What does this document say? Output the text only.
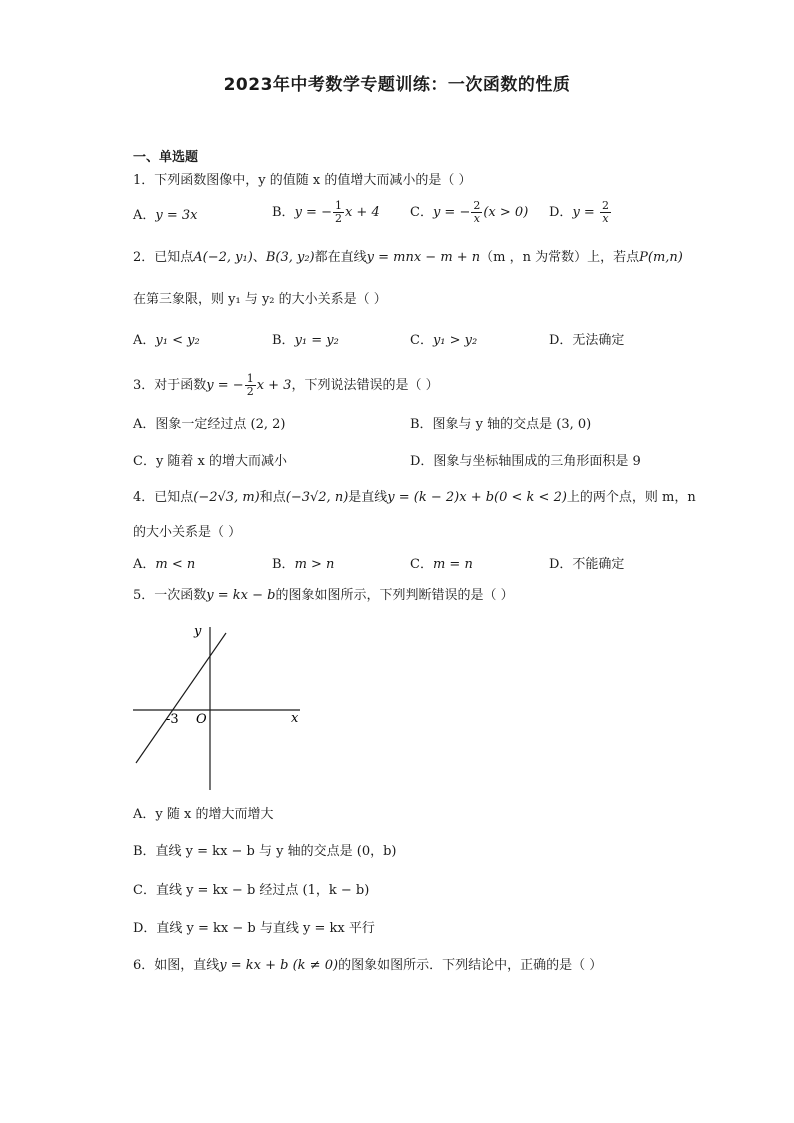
2023年中考数学专题训练：一次函数的性质
一、单选题
1．下列函数图像中，y 的值随 x 的值增大而减小的是（ ）
A．y = 3x	B．y = − $\frac{1}{2}$ x + 4 C．y = − $\frac{2}{x} (x > 0)$ D．$y = \frac{2}{x}$
2．已知点A(−2, y₁)、B(3, y₂)都在直线y = mnx − m + n（m ，n 为常数）上，若点P(m,n)
在第三象限，则 y₁ 与 y₂ 的大小关系是（ ）
A．y₁ < y₂	B．y₁ = y₂	C．y₁ > y₂	D．无法确定
3．对于函数y = − $\frac{1}{2}$ x + 3，下列说法错误的是（ ）
A．图象一定经过点 (2, 2)	B．图象与 y 轴的交点是 (3, 0)
C．y 随着 x 的增大而减小	D．图象与坐标轴围成的三角形面积是 9
4．已知点(−2√3, m)和点(−3√2, n)是直线y = (k − 2)x + b(0 < k < 2)上的两个点，则 m，n
的大小关系是（ ）
A．m < n	B．m > n	C．m = n	D．不能确定
5．一次函数y = kx − b的图象如图所示，下列判断错误的是（ ）
y
x
O
-3
A．y 随 x 的增大而增大
B．直线 y = kx − b 与 y 轴的交点是 (0，b)
C．直线 y = kx − b 经过点 (1，k − b)
D．直线 y = kx − b 与直线 y = kx 平行
6．如图，直线y = kx + b (k ≠ 0)的图象如图所示．下列结论中，正确的是（ ）
